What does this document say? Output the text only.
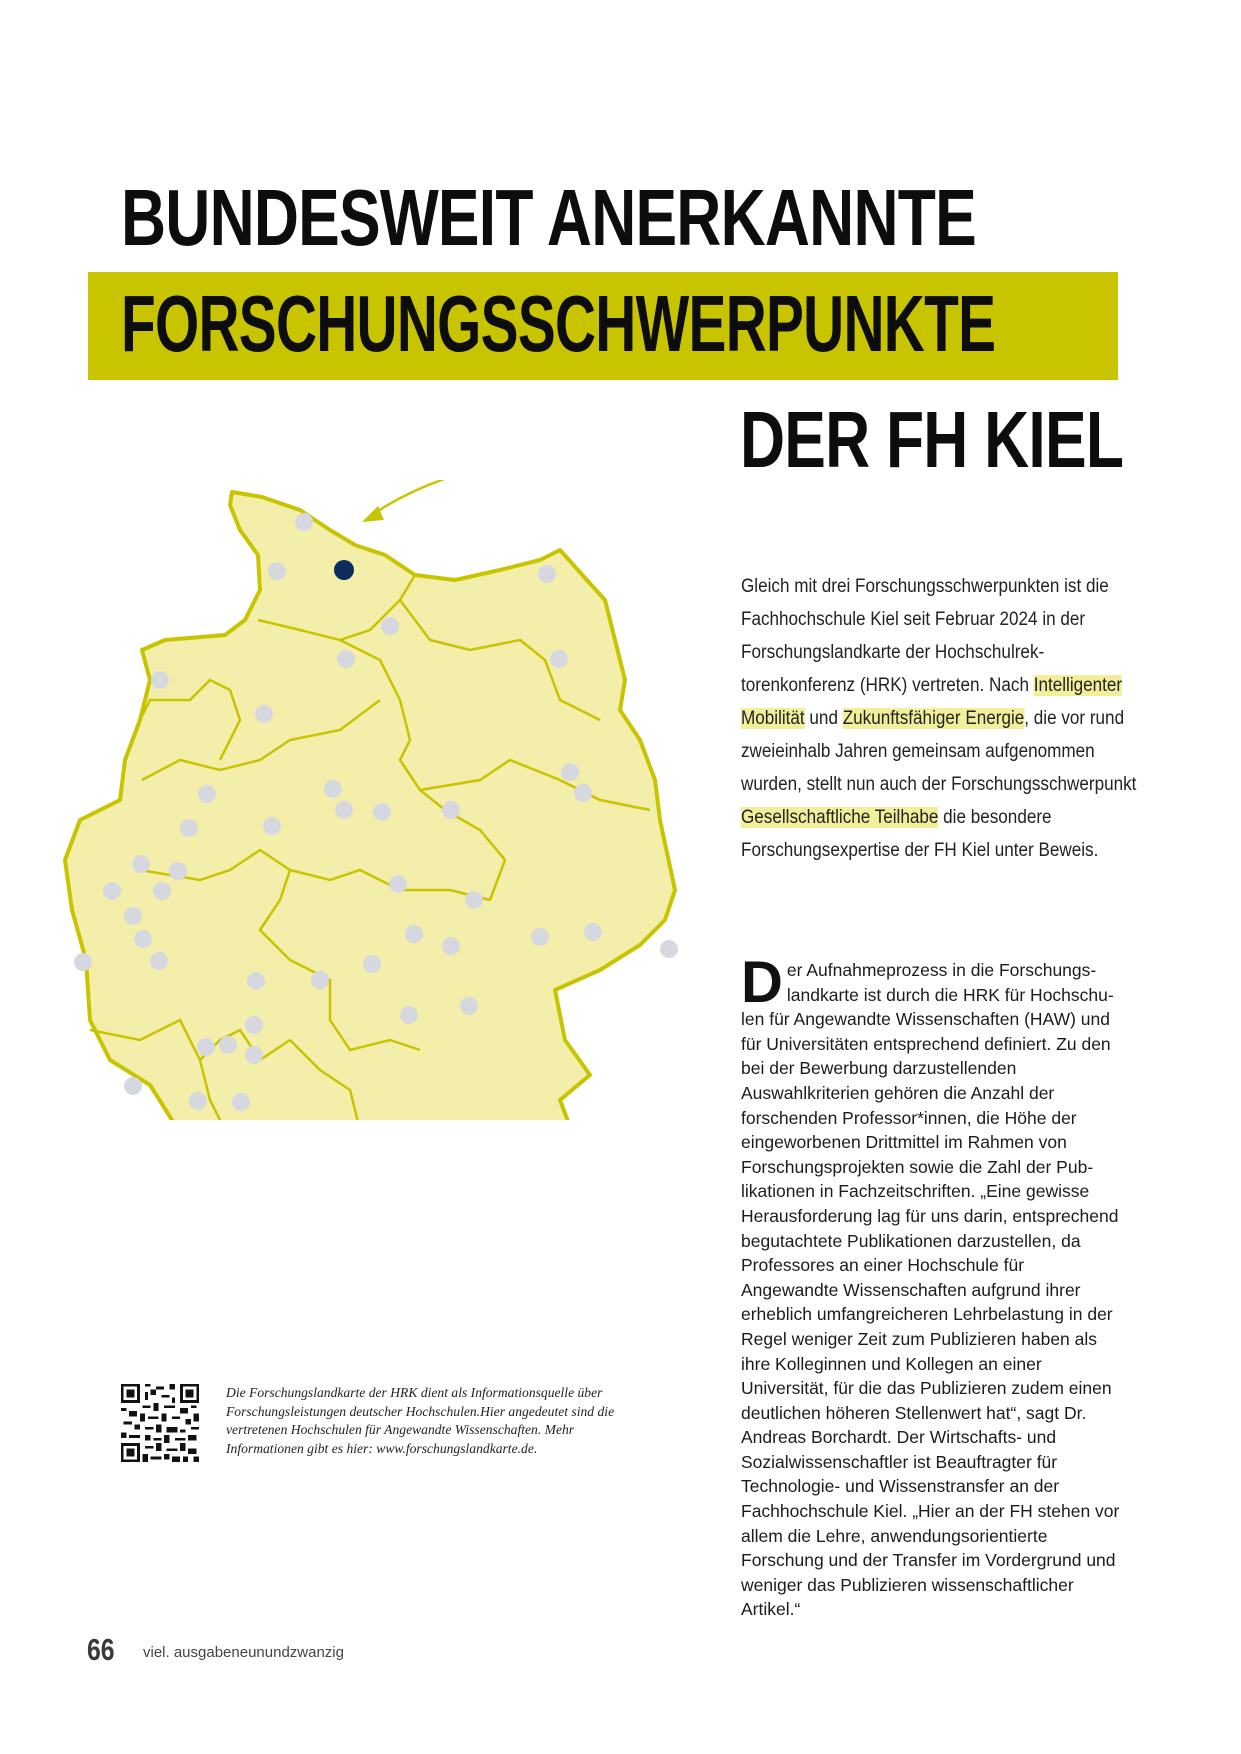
BUNDESWEIT ANERKANNTE
FORSCHUNGSSCHWERPUNKTE
DER FH KIEL
Gleich mit drei Forschungsschwerpunkten ist die Fachhochschule Kiel seit Februar 2024 in der Forschungslandkarte der Hochschulrektorenkonferenz (HRK) vertreten. Nach Intelligenter Mobilität und Zukunftsfähiger Energie, die vor rund zweieinhalb Jahren gemeinsam aufgenommen wurden, stellt nun auch der Forschungsschwerpunkt Gesellschaftliche Teilhabe die besondere Forschungsexpertise der FH Kiel unter Beweis.

Der Aufnahmeprozess in die Forschungslandkarte ist durch die HRK für Hochschulen für Angewandte Wissenschaften (HAW) und für Universitäten entsprechend definiert. Zu den bei der Bewerbung darzustellenden Auswahlkriterien gehören die Anzahl der forschenden Professor*innen, die Höhe der eingeworbenen Drittmittel im Rahmen von Forschungsprojekten sowie die Zahl der Publikationen in Fachzeitschriften. „Eine gewisse Herausforderung lag für uns darin, entsprechend begutachtete Publikationen darzustellen, da Professores an einer Hochschule für Angewandte Wissenschaften aufgrund ihrer erheblich umfangreicheren Lehrbelastung in der Regel weniger Zeit zum Publizieren haben als ihre Kolleginnen und Kollegen an einer Universität, für die das Publizieren zudem einen deutlichen höheren Stellenwert hat“, sagt Dr. Andreas Borchardt. Der Wirtschafts- und Sozialwissenschaftler ist Beauftragter für Technologie- und Wissenstransfer an der Fachhochschule Kiel. „Hier an der FH stehen vor allem die Lehre, anwendungsorientierte Forschung und der Transfer im Vordergrund und weniger das Publizieren wissenschaftlicher Artikel.“

Die Forschungslandkarte der HRK dient als Informationsquelle über Forschungsleistungen deutscher Hochschulen.Hier angedeutet sind die vertretenen Hochschulen für Angewandte Wissenschaften. Mehr Informationen gibt es hier: www.forschungslandkarte.de.
66 viel. ausgabeneunundzwanzig
